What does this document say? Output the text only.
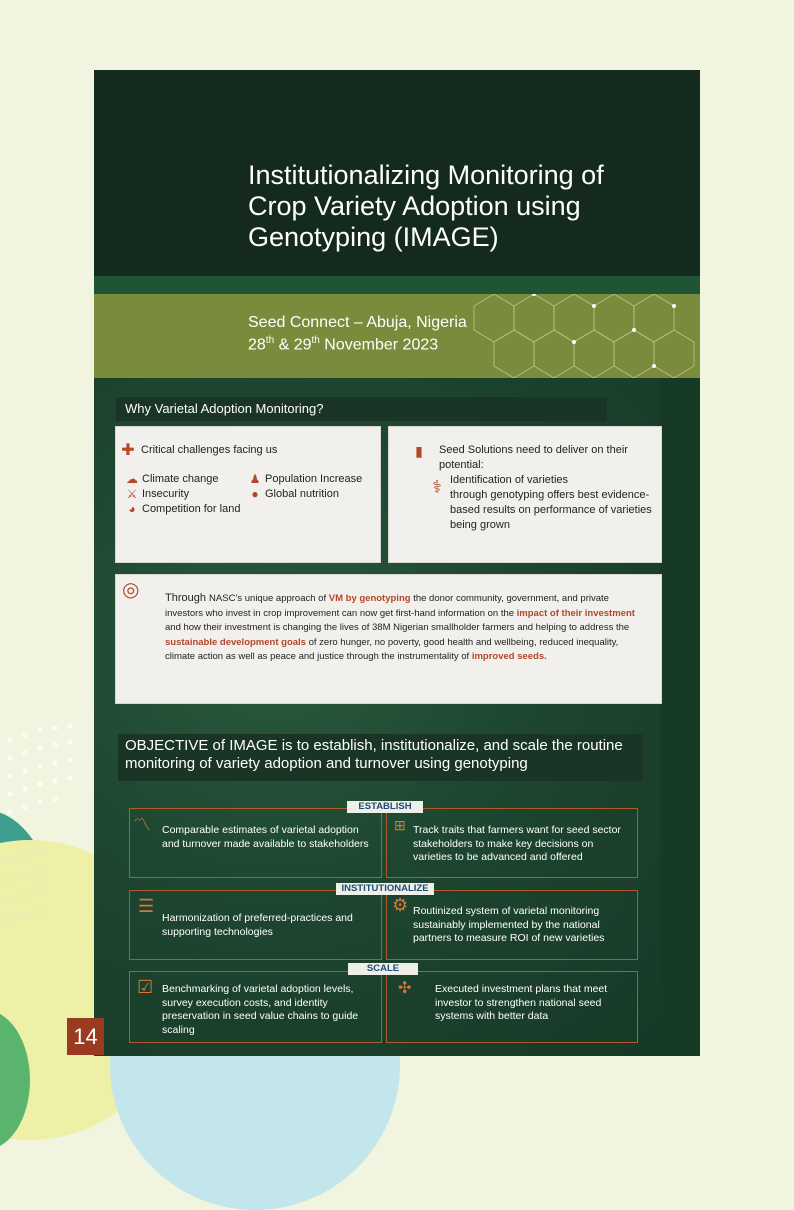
Institutionalizing Monitoring of Crop Variety Adoption using Genotyping (IMAGE)
Seed Connect – Abuja, Nigeria
28th & 29th November 2023
Why Varietal Adoption Monitoring?
✚ Critical challenges facing us
☁ Climate change	♟ Population Increase
⚔ Insecurity	● Global nutrition
◕ Competition for land
▮ Seed Solutions need to deliver on their potential:
⚕ Identification of varieties
through genotyping offers best evidence-based results on performance of varieties being grown
◎ Through NASC’s unique approach of VM by genotyping the donor community, government, and private investors who invest in crop improvement can now get first-hand information on the impact of their investment and how their investment is changing the lives of 38M Nigerian smallholder farmers and helping to address the sustainable development goals of zero hunger, no poverty, good health and wellbeing, reduced inequality, climate action as well as peace and justice through the instrumentality of improved seeds.
OBJECTIVE of IMAGE is to establish, institutionalize, and scale the routine monitoring of variety adoption and turnover using genotyping
〽 Comparable estimates of varietal adoption and turnover made available to stakeholders
⊞ Track traits that farmers want for seed sector stakeholders to make key decisions on varieties to be advanced and offered
ESTABLISH
☰
Harmonization of preferred-practices and supporting technologies
⚙ Routinized system of varietal monitoring sustainably implemented by the national partners to measure ROI of new varieties
INSTITUTIONALIZE
☑ Benchmarking of varietal adoption levels, survey execution costs, and identity preservation in seed value chains to guide scaling
✣ Executed investment plans that meet investor to strengthen national seed systems with better data
SCALE
14
